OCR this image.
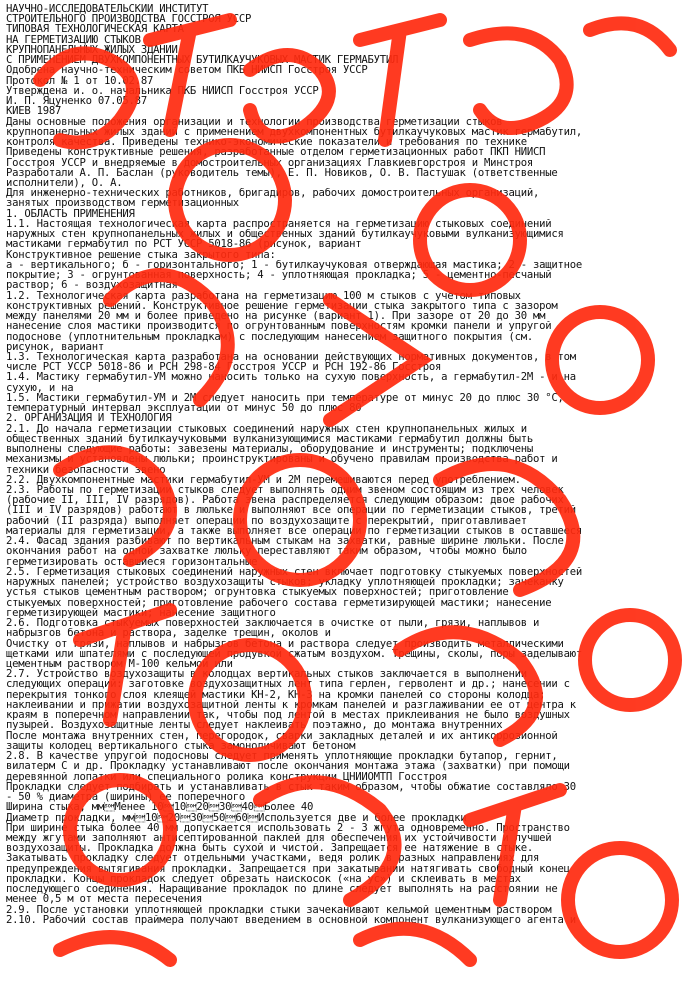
НАУЧНО-ИССЛЕДОВАТЕЛЬСКИЙ ИНСТИТУТ
СТРОИТЕЛЬНОГО ПРОИЗВОДСТВА ГОССТРОЯ УССР
ТИПОВАЯ ТЕХНОЛОГИЧЕСКАЯ КАРТА
НА ГЕРМЕТИЗАЦИЮ СТЫКОВ
КРУПНОПАНЕЛЬНЫХ ЖИЛЫХ ЗДАНИЙ
С ПРИМЕНЕНИЕМ ДВУХКОМПОНЕНТНЫХ БУТИЛКАУЧУКОВЫХ МАСТИК ГЕРМАБУТИЛ
Одобрена научно-техническим советом ПКБ НИИСП Госстроя УССР
Протокол № 1 от 10.02.87
Утверждена и. о. начальника ПКБ НИИСП Госстроя УССР
И. П. Яцуненко 07.05.87
КИЕВ 1987
Даны основные положения организации и технологии производства герметизации стыков
крупнопанельных жилых зданий с применением двухкомпонентных бутилкаучуковых мастик гермабутил,
контроля качества. Приведены технико-экономические показатели и требования по технике
Приведены конструктивные решения, разработанные отделом герметизационных работ ПКП НИИСП
Госстроя УССР и внедряемые в домостроительных организациях Главкиевгорстроя и Минстроя
Разработали А. П. Баслан (руководитель темы), Е. П. Новиков, О. В. Пастушак (ответственные
исполнители), О. А.
Для инженерно-технических работников, бригадиров, рабочих домостроительных организаций,
занятых производством герметизационных
1. ОБЛАСТЬ ПРИМЕНЕНИЯ
1.1. Настоящая технологическая карта распространяется на герметизацию стыковых соединений
наружных стен крупнопанельных жилых и общественных зданий бутилкаучуковыми вулканизующимися
мастиками гермабутил по РСТ УССР 5018-86 (рисунок, вариант
Конструктивное решение стыка закрытого типа:
а - вертикального; б - горизонтального; 1 - бутилкаучуковая отверждающая мастика; 2 - защитное
покрытие; 3 - огрунтованная поверхность; 4 - уплотняющая прокладка; 5 - цементно-песчаный
раствор; 6 - воздухозащитная
1.2. Технологическая карта разработана на герметизацию 100 м стыков с учетом типовых
конструктивных решений. Конструктивное решение герметизации стыка закрытого типа с зазором
между панелями 20 мм и более приведено на рисунке (вариант 1). При зазоре от 20 до 30 мм
нанесение слоя мастики производится по огрунтованным поверхностям кромки панели и упругой
подоснове (уплотнительным прокладкам) с последующим нанесением защитного покрытия (см.
рисунок, вариант
1.3. Технологическая карта разработана на основании действующих нормативных документов, в том
числе РСТ УССР 5018-86 и РСН 298-84 Госстроя УССР и РСН 192-86 Госстроя
1.4. Мастику гермабутил-УМ можно наносить только на сухую поверхность, а гермабутил-2М - и на
сухую, и на
1.5. Мастики гермабутил-УМ и 2М следует наносить при температуре от минус 20 до плюс 30 °С,
температурный интервал эксплуатации от минус 50 до плюс 80
2. ОРГАНИЗАЦИЯ И ТЕХНОЛОГИЯ
2.1. До начала герметизации стыковых соединений наружных стен крупнопанельных жилых и
общественных зданий бутилкаучуковыми вулканизующимися мастиками гермабутил должны быть
выполнены следующие работы: завезены материалы, оборудование и инструменты; подключены
механизмы и установлены люльки; проинструктированы и обучено правилам производства работ и
техники безопасности звено
2.2. Двухкомпонентные мастики гермабутил-УМ и 2М перемешиваются перед употреблением.
2.3. Работы по герметизации стыков следует выполнять одним звеном состоящим из трех человек
(рабочие II, III, IV разрядов). Работа звена распределяется следующим образом: двое рабочих
(III и IV разрядов) работают в люльке и выполняют все операции по герметизации стыков, третий
рабочий (II разряда) выполняет операции по воздухозащите с перекрытий, приготавливает
материалы для герметизации, а также выполняет все операции по герметизации стыков в оставшееся
2.4. Фасад здания разбивают по вертикальным стыкам на захватки, равные ширине люльки. После
окончания работ на одной захватке люльку переставляют таким образом, чтобы можно было
герметизировать оставшиеся горизонтальные
2.5. Герметизация стыковых соединений наружных стен включает подготовку стыкуемых поверхностей
наружных панелей; устройство воздухозащиты стыков; укладку уплотняющей прокладки; зачеканку
устья стыков цементным раствором; огрунтовка стыкуемых поверхностей; приготовление
стыкуемых поверхностей; приготовление рабочего состава герметизирующей мастики; нанесение
герметизирующей мастики; нанесение защитного
2.6. Подготовка стыкуемых поверхностей заключается в очистке от пыли, грязи, наплывов и
набрызгов бетона и раствора, заделке трещин, околов и
Очистку от грязи, наплывов и набрызгов бетона и раствора следует производить металлическими
щетками или шпателями с последующей продувкой сжатым воздухом. Трещины, сколы, поры заделывают
цементным раствором М-100 кельмой или
2.7. Устройство воздухозащиты в колодцах вертикальных стыков заключается в выполнении
следующих операций: заготовке воздухозащитных лент типа герлен, герволент и др.; нанесении с
перекрытия тонкого слоя клеящей мастики КН-2, КН-3 на кромки панелей со стороны колодца;
наклеивании и прижатии воздухозащитной ленты к кромкам панелей и разглаживании ее от центра к
краям в поперечном направлении так, чтобы под лентой в местах приклеивания не было воздушных
пузырей. Воздухозащитные ленты следует наклеивать поэтажно, до монтажа внутренних
После монтажа внутренних стен, перегородок, сварки закладных деталей и их антикоррозионной
защиты колодец вертикального стыка замоноличивают бетоном
2.8. В качестве упругой подосновы следует применять уплотняющие прокладки бутапор, гернит,
вилатерм С и др. Прокладку устанавливают после окончания монтажа этажа (захватки) при помощи
деревянной лопатки или специального ролика конструкции ЦНИИОМТП Госстроя
Прокладки следует подбирать и устанавливать в стык таким образом, чтобы обжатие составляло 30
- 50 % диаметра (ширины) ее поперечного
Ширина стыка, ммМенее 1010203040Более 40
Диаметр прокладки, мм1020305060Используется две и более прокладки
При ширине стыка более 40 мм допускается использовать 2 - 3 жгута одновременно. Пространство
между жгутами заполняют антисептированной паклей для обеспечения их устойчивости и лучшей
воздухозащиты. Прокладка должна быть сухой и чистой. Запрещается ее натяжение в стыке.
Закатывать прокладку следует отдельными участками, ведя ролик в разных направлениях для
предупреждения вытягивания прокладки. Запрещается при закатывании натягивать свободный конец
прокладки. Концы прокладок следует обрезать наискосок («на ус») и склеивать в местах
последующего соединения. Наращивание прокладок по длине следует выполнять на расстоянии не
менее 0,5 м от места пересечения
2.9. После установки уплотняющей прокладки стыки зачеканивают кельмой цементным раствором
2.10. Рабочий состав праймера получают введением в основной компонент вулканизующего агента и
